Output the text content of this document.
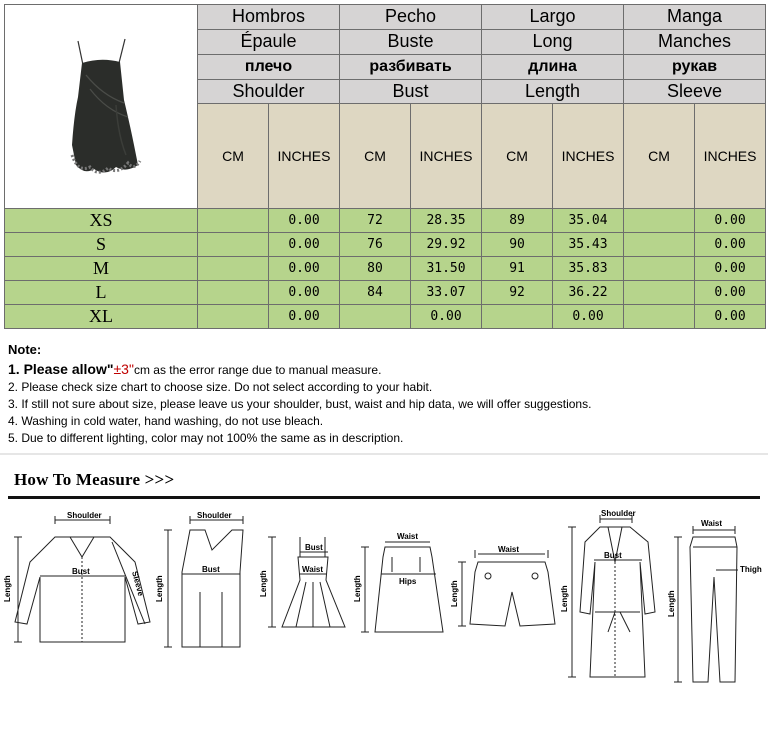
	Hombros		Pecho		Largo		Manga	
	Épaule		Buste		Long		Manches	
	плечо		разбивать		длина		рукав	
	Shoulder		Bust		Length		Sleeve	
	CM	INCHES	CM	INCHES	CM	INCHES	CM	INCHES
XS		0.00	72	28.35	89	35.04		0.00
S		0.00	76	29.92	90	35.43		0.00
M		0.00	80	31.50	91	35.83		0.00
L		0.00	84	33.07	92	36.22		0.00
XL		0.00		0.00		0.00		0.00
Note:
1. Please allow"±3"cm as the error range due to manual measure.
2. Please check size chart to choose size. Do not select according to your habit.
3. If still not sure about size, please leave us your shoulder, bust, waist and hip data, we will offer suggestions.
4. Washing in cold water, hand washing, do not use bleach.
5. Due to different lighting, color may not 100% the same as in description.
How To Measure >>>
Shoulder
Bust
Length	Sleeve
Shoulder
Bust
Length
Bust
Waist
Length
Waist
Hips
Length
Waist
Length
Shoulder
Bust
Length
Waist
Thigh
Length
